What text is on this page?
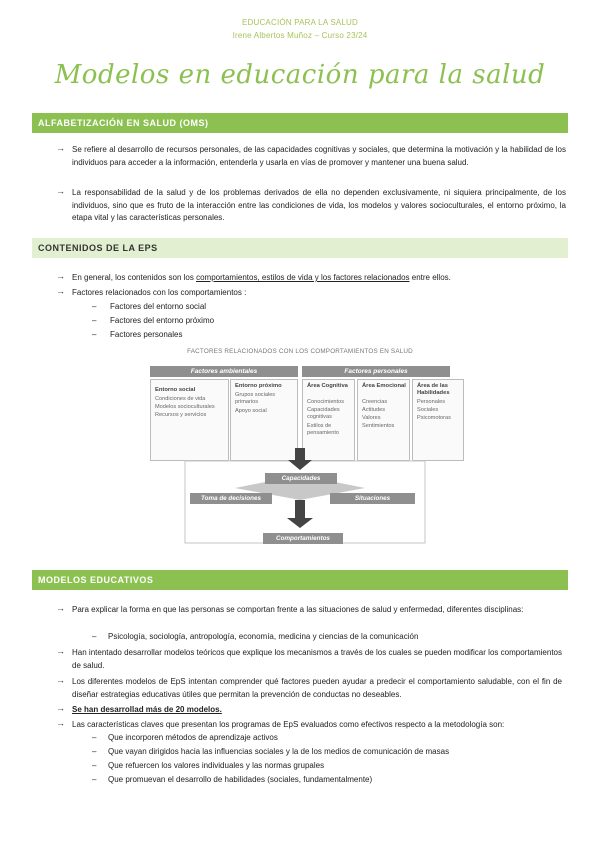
EDUCACIÓN PARA LA SALUD
Irene Albertos Muñoz – Curso 23/24
Modelos en educación para la salud
ALFABETIZACIÓN EN SALUD (OMS)
→ Se refiere al desarrollo de recursos personales, de las capacidades cognitivas y sociales, que determina la motivación y la habilidad de los individuos para acceder a la información, entenderla y usarla en vías de promover y mantener una buena salud.
→ La responsabilidad de la salud y de los problemas derivados de ella no dependen exclusivamente, ni siquiera principalmente, de los individuos, sino que es fruto de la interacción entre las condiciones de vida, los modelos y valores socioculturales, el entorno próximo, la etapa vital y las características personales.
CONTENIDOS DE LA EPS
→ En general, los contenidos son los comportamientos, estilos de vida y los factores relacionados entre ellos.
→ Factores relacionados con los comportamientos :
– Factores del entorno social
– Factores del entorno próximo
– Factores personales
FACTORES RELACIONADOS CON LOS COMPORTAMIENTOS EN SALUD
Factores ambientales	Factores personales
Entorno social
Condiciones de vida
Modelos socioculturales
Recursos y servicios
Entorno próximo
Grupos sociales primarios
Apoyo social
Área Cognitiva
Conocimientos
Capacidades cognitivas
Estilos de pensamiento
Área Emocional
Creencias
Actitudes
Valores
Sentimientos
Área de las Habilidades
Personales
Sociales
Psicomotoras
Capacidades
Toma de decisiones	Situaciones
Comportamientos
MODELOS EDUCATIVOS
→ Para explicar la forma en que las personas se comportan frente a las situaciones de salud y enfermedad, diferentes disciplinas:
– Psicología, sociología, antropología, economía, medicina y ciencias de la comunicación
→ Han intentado desarrollar modelos teóricos que explique los mecanismos a través de los cuales se pueden modificar los comportamientos de salud.
→ Los diferentes modelos de EpS intentan comprender qué factores pueden ayudar a predecir el comportamiento saludable, con el fin de diseñar estrategias educativas útiles que permitan la prevención de conductas no deseables.
→ Se han desarrollad más de 20 modelos.
→ Las características claves que presentan los programas de EpS evaluados como efectivos respecto a la metodología son:
– Que incorporen métodos de aprendizaje activos
– Que vayan dirigidos hacia las influencias sociales y la de los medios de comunicación de masas
– Que refuercen los valores individuales y las normas grupales
– Que promuevan el desarrollo de habilidades (sociales, fundamentalmente)
